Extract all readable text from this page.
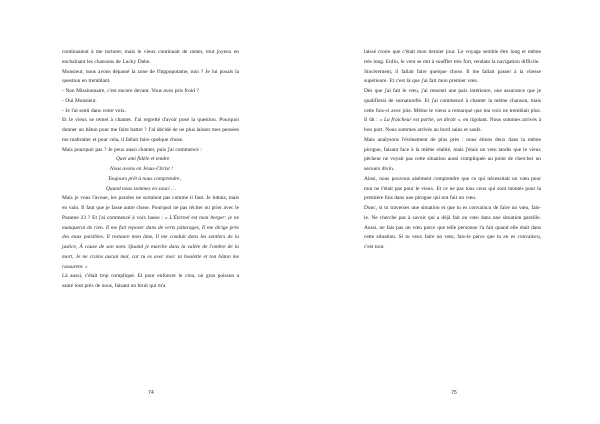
continuaient à me torturer, mais le vieux continuait de ramer, tout joyeux en enchaînant les chansons de Lucky Dube.

Monsieur, nous avons dépassé la zone de l'hippopotame, non ? Je lui posais la question en tremblant.

- Non Missionnaire, c'est encore devant. Vous avez pris froid ?

- Oui Monsieur.

- Je l'ai senti dans votre voix.

Et le vieux se remet à chanter. J'ai regretté d'avoir posé la question. Pourquoi donner un bâton pour me faire battre ? J'ai décidé de ne plus laisser mes pensées me maltraiter et pour cela, il fallait faire quelque chose.

Mais pourquoi pas ? Je peux aussi chanter, puis j'ai commencé :

Quel ami fidèle et tendre

Nous avons en Jésus-Christ !

Toujours prêt à nous comprendre,

Quand nous sommes en souci …

Mais je vous l'avoue, les paroles ne sortaient pas comme il faut. Je luttais, mais en vain. Il faut que je fasse autre chose. Pourquoi ne pas réciter ou prier avec le Psaume 23 ? Et j'ai commencé à voix basse : « L'Éternel est mon berger: je ne manquerai de rien. Il me fait reposer dans de verts pâturages, Il me dirige près des eaux paisibles. Il restaure mon âme, Il me conduit dans les sentiers de la justice, À cause de son nom. Quand je marche dans la vallée de l'ombre de la mort, Je ne crains aucun mal, car tu es avec moi: ta houlette et ton bâton me rassurent. »

Là aussi, c'était trop compliqué. Et pour enfoncer le clou, un gros poisson a sauté tout près de nous, faisant un bruit qui m'a

74

laissé croire que c'était mon dernier jour. Le voyage semble être long et même très long. Enfin, le vent se mit à souffler très fort, rendant la navigation difficile.

Sincèrement, il fallait faire quelque chose. Il me fallait passer à la vitesse supérieure. Et c'est là que j'ai fait mon premier vœu.

Dès que j'ai fait le vœu, j'ai ressenti une paix intérieure, une assurance que je qualifierai de surnaturelle. Et j'ai commencé à chanter la même chanson, mais cette fois-ci avec joie. Même le vieux a remarqué que ma voix ne tremblait plus. Il dit : « La fraicheur est partie, on dirait », en rigolant. Nous sommes arrivés à bon port. Nous sommes arrivés au bord sains et saufs.

Mais analysons l'évènement de plus près : nous étions deux dans la même pirogue, faisant face à la même réalité, mais j'étais un vœu tandis que le vieux pêcheur ne voyait pas cette situation aussi compliquée au point de chercher un secours divin.

Ainsi, nous pouvons aisément comprendre que ce qui nécessitait un vœu pour moi ne l'était pas pour le vieux. Et ce ne pas tous ceux qui sont montés pour la première fois dans une pirogue qui ont fait un vœu.

Donc, si tu traverses une situation et que tu es convaincu de faire un vœu, fais-le. Ne cherche pas à savoir qui a déjà fait un vœu dans une situation pareille. Aussi, ne fais pas un vœu parce que telle personne l'a fait quand elle était dans cette situation. Si tu veux faire un vœu, fais-le parce que tu en es convaincu, c'est tout.

75
